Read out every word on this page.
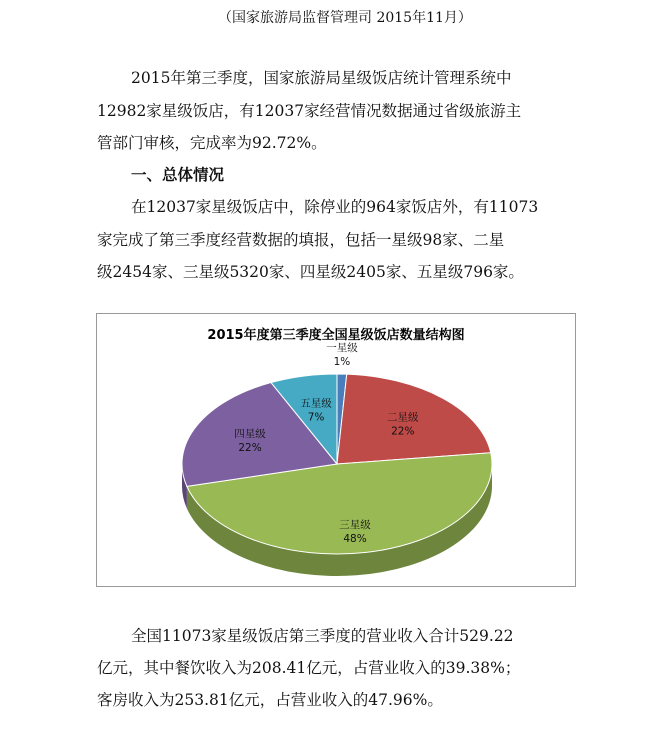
（国家旅游局监督管理司 2015年11月）
2015年第三季度，国家旅游局星级饭店统计管理系统中
12982家星级饭店，有12037家经营情况数据通过省级旅游主
管部门审核，完成率为92.72%。
一、总体情况
在12037家星级饭店中，除停业的964家饭店外，有11073
家完成了第三季度经营数据的填报，包括一星级98家、二星
级2454家、三星级5320家、四星级2405家、五星级796家。
2015年度第三季度全国星级饭店数量结构图
一星级
1%
二星级
22%
三星级
48%
四星级
22%
五星级
7%
全国11073家星级饭店第三季度的营业收入合计529.22
亿元，其中餐饮收入为208.41亿元，占营业收入的39.38%；
客房收入为253.81亿元，占营业收入的47.96%。
